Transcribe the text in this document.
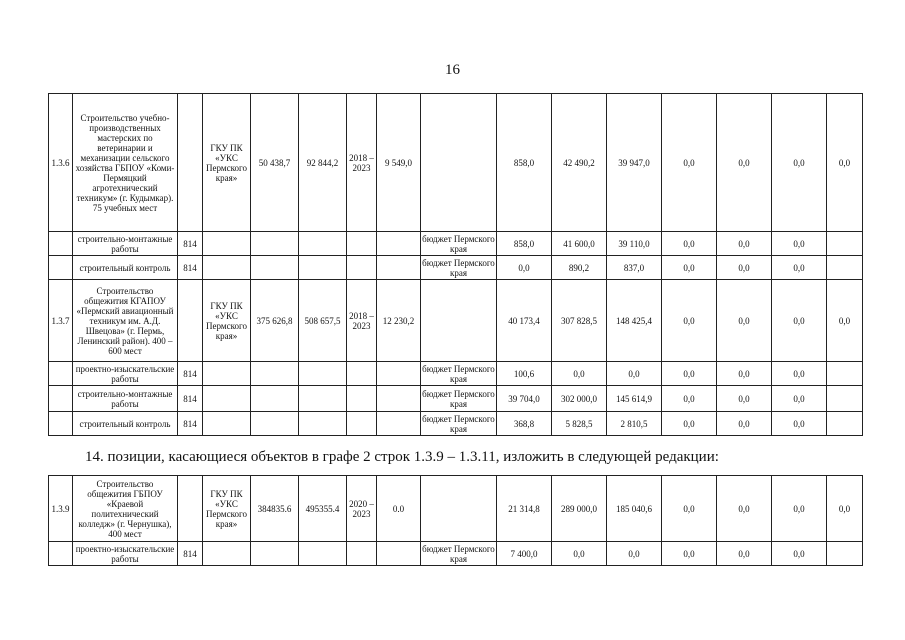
16
1.3.6	Строительство учебно-производственных мастерских по ветеринарии и механизации сельского хозяйства ГБПОУ «Коми-Пермяцкий агротехнический техникум» (г. Кудымкар). 75 учебных мест		ГКУ ПК «УКС Пермского края»	50 438,7	92 844,2	2018 – 2023	9 549,0		858,0	42 490,2	39 947,0	0,0	0,0	0,0	0,0
	строительно-монтажные работы	814						бюджет Пермского края	858,0	41 600,0	39 110,0	0,0	0,0	0,0	
	строительный контроль	814						бюджет Пермского края	0,0	890,2	837,0	0,0	0,0	0,0	
1.3.7	Строительство общежития КГАПОУ «Пермский авиационный техникум им. А.Д. Швецова» (г. Пермь, Ленинский район). 400 – 600 мест		ГКУ ПК «УКС Пермского края»	375 626,8	508 657,5	2018 – 2023	12 230,2		40 173,4	307 828,5	148 425,4	0,0	0,0	0,0	0,0
	проектно-изыскательские работы	814						бюджет Пермского края	100,6	0,0	0,0	0,0	0,0	0,0	
	строительно-монтажные работы	814						бюджет Пермского края	39 704,0	302 000,0	145 614,9	0,0	0,0	0,0	
	строительный контроль	814						бюджет Пермского края	368,8	5 828,5	2 810,5	0,0	0,0	0,0	
14. позиции, касающиеся объектов в графе 2 строк 1.3.9 – 1.3.11, изложить в следующей редакции:
1.3.9	Строительство общежития ГБПОУ «Краевой политехнический колледж» (г. Чернушка), 400 мест		ГКУ ПК «УКС Пермского края»	384835.6	495355.4	2020 – 2023	0.0		21 314,8	289 000,0	185 040,6	0,0	0,0	0,0	0,0
	проектно-изыскательские работы	814						бюджет Пермского края	7 400,0	0,0	0,0	0,0	0,0	0,0	
